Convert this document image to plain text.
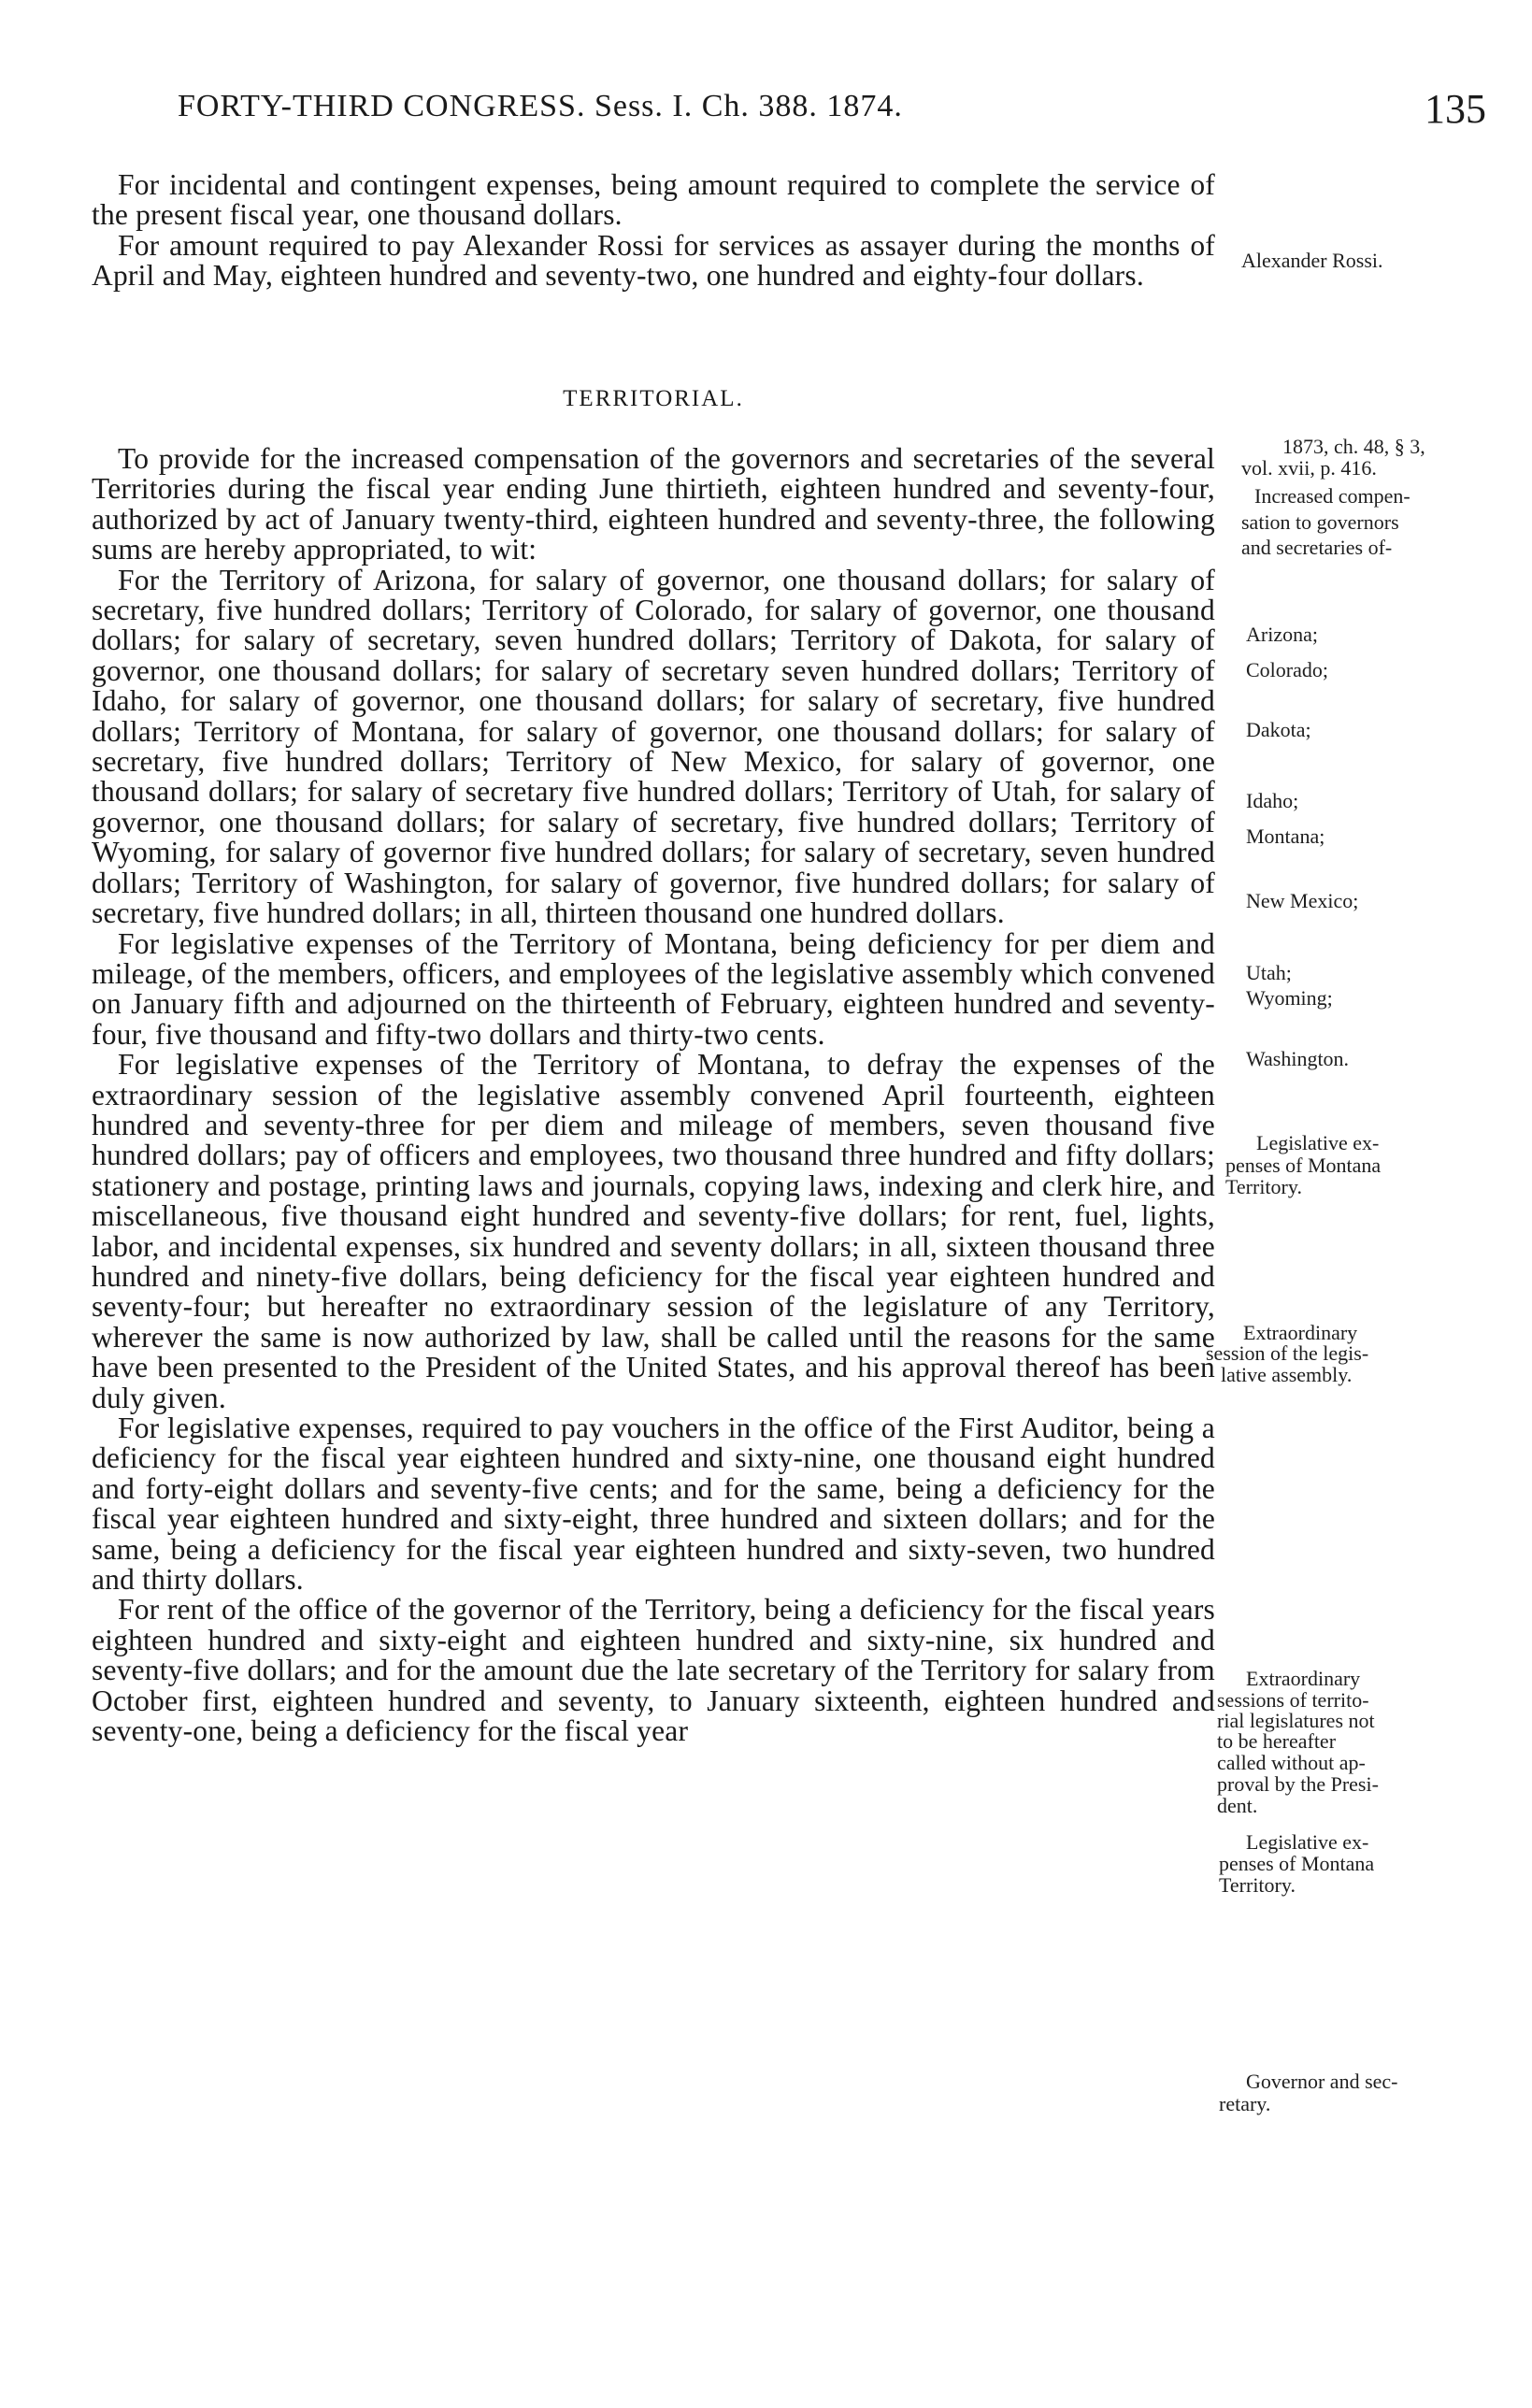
FORTY-THIRD CONGRESS. Sess. I. Ch. 388. 1874.	135

For incidental and contingent expenses, being amount required to complete the service of the present fiscal year, one thousand dollars.

For amount required to pay Alexander Rossi for services as assayer during the months of April and May, eighteen hundred and seventy-two, one hundred and eighty-four dollars.

TERRITORIAL.

To provide for the increased compensation of the governors and secretaries of the several Territories during the fiscal year ending June thirtieth, eighteen hundred and seventy-four, authorized by act of January twenty-third, eighteen hundred and seventy-three, the following sums are hereby appropriated, to wit:

For the Territory of Arizona, for salary of governor, one thousand dollars; for salary of secretary, five hundred dollars; Territory of Colorado, for salary of governor, one thousand dollars; for salary of secretary, seven hundred dollars; Territory of Dakota, for salary of governor, one thousand dollars; for salary of secretary seven hundred dollars; Territory of Idaho, for salary of governor, one thousand dollars; for salary of secretary, five hundred dollars; Territory of Montana, for salary of governor, one thousand dollars; for salary of secretary, five hundred dollars; Territory of New Mexico, for salary of governor, one thousand dollars; for salary of secretary five hundred dollars; Territory of Utah, for salary of governor, one thousand dollars; for salary of secretary, five hundred dollars; Territory of Wyoming, for salary of governor five hundred dollars; for salary of secretary, seven hundred dollars; Territory of Washington, for salary of governor, five hundred dollars; for salary of secretary, five hundred dollars; in all, thirteen thousand one hundred dollars.

For legislative expenses of the Territory of Montana, being deficiency for per diem and mileage, of the members, officers, and employees of the legislative assembly which convened on January fifth and adjourned on the thirteenth of February, eighteen hundred and seventy-four, five thousand and fifty-two dollars and thirty-two cents.

For legislative expenses of the Territory of Montana, to defray the expenses of the extraordinary session of the legislative assembly convened April fourteenth, eighteen hundred and seventy-three for per diem and mileage of members, seven thousand five hundred dollars; pay of officers and employees, two thousand three hundred and fifty dollars; stationery and postage, printing laws and journals, copying laws, indexing and clerk hire, and miscellaneous, five thousand eight hundred and seventy-five dollars; for rent, fuel, lights, labor, and incidental expenses, six hundred and seventy dollars; in all, sixteen thousand three hundred and ninety-five dollars, being deficiency for the fiscal year eighteen hundred and seventy-four; but hereafter no extraordinary session of the legislature of any Territory, wherever the same is now authorized by law, shall be called until the reasons for the same have been presented to the President of the United States, and his approval thereof has been duly given.

For legislative expenses, required to pay vouchers in the office of the First Auditor, being a deficiency for the fiscal year eighteen hundred and sixty-nine, one thousand eight hundred and forty-eight dollars and seventy-five cents; and for the same, being a deficiency for the fiscal year eighteen hundred and sixty-eight, three hundred and sixteen dollars; and for the same, being a deficiency for the fiscal year eighteen hundred and sixty-seven, two hundred and thirty dollars.

For rent of the office of the governor of the Territory, being a deficiency for the fiscal years eighteen hundred and sixty-eight and eighteen hundred and sixty-nine, six hundred and seventy-five dollars; and for the amount due the late secretary of the Territory for salary from October first, eighteen hundred and seventy, to January sixteenth, eighteen hundred and seventy-one, being a deficiency for the fiscal year

Alexander Rossi.
1873, ch. 48, § 3,
vol. xvii, p. 416.
Increased compen-
sation to governors
and secretaries of-
Arizona;
Colorado;
Dakota;
Idaho;
Montana;
New Mexico;
Utah;
Wyoming;
Washington.
Legislative ex-
penses of Montana
Territory.
Extraordinary
session of the legis-
lative assembly.
Extraordinary
sessions of territo-
rial legislatures not
to be hereafter
called without ap-
proval by the Presi-
dent.
Legislative ex-
penses of Montana
Territory.
Governor and sec-
retary.
